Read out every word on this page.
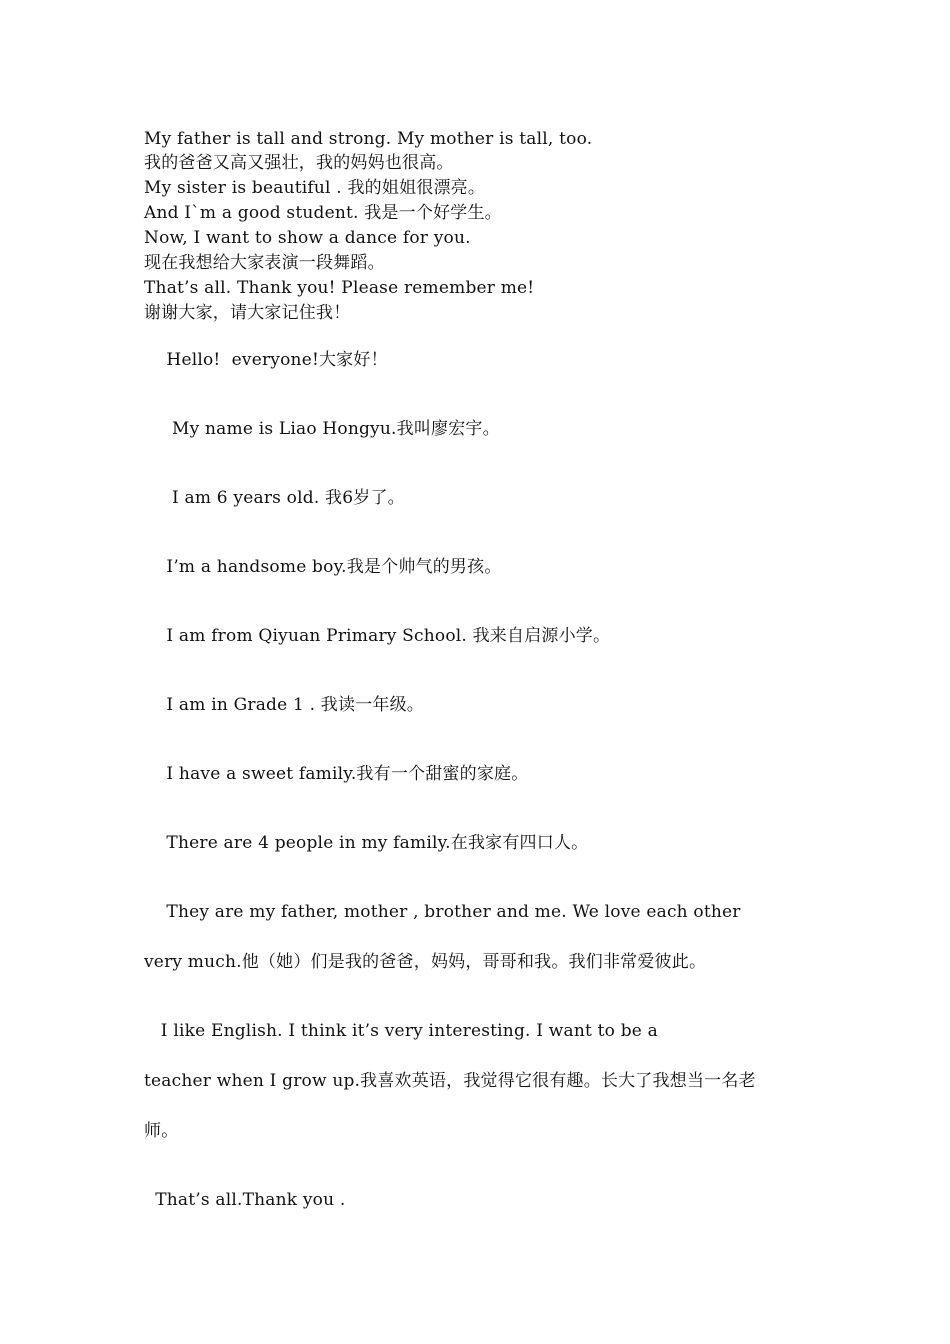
My father is tall and strong. My mother is tall, too.
我的爸爸又高又强壮，我的妈妈也很高。
My sister is beautiful . 我的姐姐很漂亮。
And I`m a good student. 我是一个好学生。
Now, I want to show a dance for you.
现在我想给大家表演一段舞蹈。
That’s all. Thank you! Please remember me!
谢谢大家，请大家记住我！
Hello!  everyone!大家好！
My name is Liao Hongyu.我叫廖宏宇。
I am 6 years old. 我6岁了。
I’m a handsome boy.我是个帅气的男孩。
I am from Qiyuan Primary School. 我来自启源小学。
I am in Grade 1 . 我读一年级。
I have a sweet family.我有一个甜蜜的家庭。
There are 4 people in my family.在我家有四口人。
They are my father, mother , brother and me. We love each other
very much.他（她）们是我的爸爸，妈妈，哥哥和我。我们非常爱彼此。
I like English. I think it’s very interesting. I want to be a
teacher when I grow up.我喜欢英语，我觉得它很有趣。长大了我想当一名老
师。
That’s all.Thank you .
